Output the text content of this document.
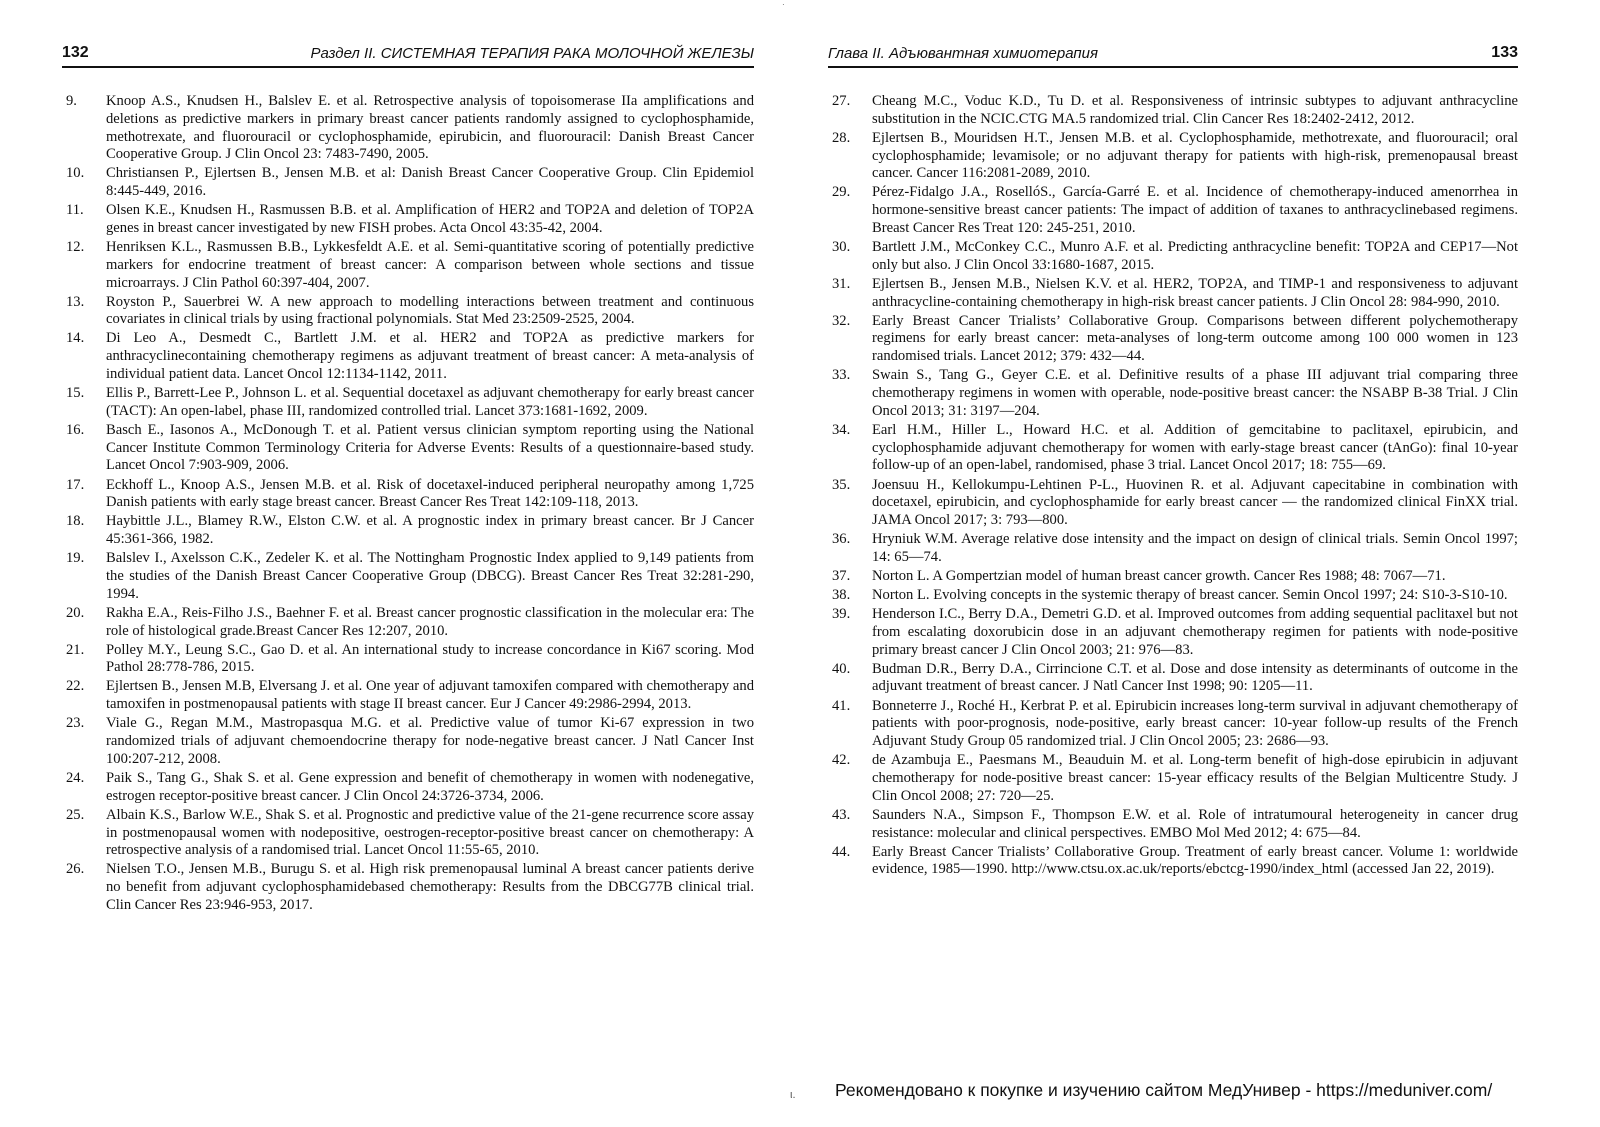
·
132	Раздел II. СИСТЕМНАЯ ТЕРАПИЯ РАКА МОЛОЧНОЙ ЖЕЛЕЗЫ
9.	Knoop A.S., Knudsen H., Balslev E. et al. Retrospective analysis of topoisomerase IIa amplifications and deletions as predictive markers in primary breast cancer patients randomly assigned to cyclophosphamide, methotrexate, and fluorouracil or cyclophosphamide, epirubicin, and fluorouracil: Danish Breast Cancer Cooperative Group. J Clin Oncol 23: 7483-7490, 2005.
10.	Christiansen P., Ejlertsen B., Jensen M.B. et al: Danish Breast Cancer Cooperative Group. Clin Epidemiol 8:445-449, 2016.
11.	Olsen K.E., Knudsen H., Rasmussen B.B. et al. Amplification of HER2 and TOP2A and deletion of TOP2A genes in breast cancer investigated by new FISH probes. Acta Oncol 43:35-42, 2004.
12.	Henriksen K.L., Rasmussen B.B., Lykkesfeldt A.E. et al. Semi-quantitative scoring of potentially predictive markers for endocrine treatment of breast cancer: A comparison between whole sections and tissue microarrays. J Clin Pathol 60:397-404, 2007.
13.	Royston P., Sauerbrei W. A new approach to modelling interactions between treatment and continuous covariates in clinical trials by using fractional polynomials. Stat Med 23:2509-2525, 2004.
14.	Di Leo A., Desmedt C., Bartlett J.M. et al. HER2 and TOP2A as predictive markers for anthracyclinecontaining chemotherapy regimens as adjuvant treatment of breast cancer: A meta-analysis of individual patient data. Lancet Oncol 12:1134-1142, 2011.
15.	Ellis P., Barrett-Lee P., Johnson L. et al. Sequential docetaxel as adjuvant chemotherapy for early breast cancer (TACT): An open-label, phase III, randomized controlled trial. Lancet 373:1681-1692, 2009.
16.	Basch E., Iasonos A., McDonough T. et al. Patient versus clinician symptom reporting using the National Cancer Institute Common Terminology Criteria for Adverse Events: Results of a questionnaire-based study. Lancet Oncol 7:903-909, 2006.
17.	Eckhoff L., Knoop A.S., Jensen M.B. et al. Risk of docetaxel-induced peripheral neuropathy among 1,725 Danish patients with early stage breast cancer. Breast Cancer Res Treat 142:109-118, 2013.
18.	Haybittle J.L., Blamey R.W., Elston C.W. et al. A prognostic index in primary breast cancer. Br J Cancer 45:361-366, 1982.
19.	Balslev I., Axelsson C.K., Zedeler K. et al. The Nottingham Prognostic Index applied to 9,149 patients from the studies of the Danish Breast Cancer Cooperative Group (DBCG). Breast Cancer Res Treat 32:281-290, 1994.
20.	Rakha E.A., Reis-Filho J.S., Baehner F. et al. Breast cancer prognostic classification in the molecular era: The role of histological grade.Breast Cancer Res 12:207, 2010.
21.	Polley M.Y., Leung S.C., Gao D. et al. An international study to increase concordance in Ki67 scoring. Mod Pathol 28:778-786, 2015.
22.	Ejlertsen B., Jensen M.B, Elversang J. et al. One year of adjuvant tamoxifen compared with chemotherapy and tamoxifen in postmenopausal patients with stage II breast cancer. Eur J Cancer 49:2986-2994, 2013.
23.	Viale G., Regan M.M., Mastropasqua M.G. et al. Predictive value of tumor Ki-67 expression in two randomized trials of adjuvant chemoendocrine therapy for node-negative breast cancer. J Natl Cancer Inst 100:207-212, 2008.
24.	Paik S., Tang G., Shak S. et al. Gene expression and benefit of chemotherapy in women with nodenegative, estrogen receptor-positive breast cancer. J Clin Oncol 24:3726-3734, 2006.
25.	Albain K.S., Barlow W.E., Shak S. et al. Prognostic and predictive value of the 21-gene recurrence score assay in postmenopausal women with nodepositive, oestrogen-receptor-positive breast cancer on chemotherapy: A retrospective analysis of a randomised trial. Lancet Oncol 11:55-65, 2010.
26.	Nielsen T.O., Jensen M.B., Burugu S. et al. High risk premenopausal luminal A breast cancer patients derive no benefit from adjuvant cyclophosphamidebased chemotherapy: Results from the DBCG77B clinical trial. Clin Cancer Res 23:946-953, 2017.
Глава II. Адъювантная химиотерапия	133
27.	Cheang M.C., Voduc K.D., Tu D. et al. Responsiveness of intrinsic subtypes to adjuvant anthracycline substitution in the NCIC.CTG MA.5 randomized trial. Clin Cancer Res 18:2402-2412, 2012.
28.	Ejlertsen B., Mouridsen H.T., Jensen M.B. et al. Cyclophosphamide, methotrexate, and fluorouracil; oral cyclophosphamide; levamisole; or no adjuvant therapy for patients with high-risk, premenopausal breast cancer. Cancer 116:2081-2089, 2010.
29.	Pérez-Fidalgo J.A., RosellóS., Garсía-Garré E. et al. Incidence of chemotherapy-induced amenorrhea in hormone-sensitive breast cancer patients: The impact of addition of taxanes to anthracyclinebased regimens. Breast Cancer Res Treat 120: 245-251, 2010.
30.	Bartlett J.M., McConkey C.C., Munro A.F. et al. Predicting anthracycline benefit: TOP2A and CEP17—Not only but also. J Clin Oncol 33:1680-1687, 2015.
31.	Ejlertsen B., Jensen M.B., Nielsen K.V. et al. HER2, TOP2A, and TIMP-1 and responsiveness to adjuvant anthracycline-containing chemotherapy in high-risk breast cancer patients. J Clin Oncol 28: 984-990, 2010.
32.	Early Breast Cancer Trialists’ Collaborative Group. Comparisons between different polychemotherapy regimens for early breast cancer: meta-analyses of long-term outcome among 100 000 women in 123 randomised trials. Lancet 2012; 379: 432—44.
33.	Swain S., Tang G., Geyer C.E. et al. Definitive results of a phase III adjuvant trial comparing three chemotherapy regimens in women with operable, node-positive breast cancer: the NSABP B-38 Trial. J Clin Oncol 2013; 31: 3197—204.
34.	Earl H.M., Hiller L., Howard H.C. et al. Addition of gemcitabine to paclitaxel, epirubicin, and cyclophosphamide adjuvant chemotherapy for women with early-stage breast cancer (tAnGo): final 10-year follow-up of an open-label, randomised, phase 3 trial. Lancet Oncol 2017; 18: 755—69.
35.	Joensuu H., Kellokumpu-Lehtinen P-L., Huovinen R. et al. Adjuvant capecitabine in combination with docetaxel, epirubicin, and cyclophosphamide for early breast cancer — the randomized clinical FinXX trial. JAMA Oncol 2017; 3: 793—800.
36.	Hryniuk W.M. Average relative dose intensity and the impact on design of clinical trials. Semin Oncol 1997; 14: 65—74.
37.	Norton L. A Gompertzian model of human breast cancer growth. Cancer Res 1988; 48: 7067—71.
38.	Norton L. Evolving concepts in the systemic therapy of breast cancer. Semin Oncol 1997; 24: S10-3-S10-10.
39.	Henderson I.C., Berry D.A., Demetri G.D. et al. Improved outcomes from adding sequential paclitaxel but not from escalating doxorubicin dose in an adjuvant chemotherapy regimen for patients with node-positive primary breast cancer J Clin Oncol 2003; 21: 976—83.
40.	Budman D.R., Berry D.A., Cirrincione C.T. et al. Dose and dose intensity as determinants of outcome in the adjuvant treatment of breast cancer. J Natl Cancer Inst 1998; 90: 1205—11.
41.	Bonneterre J., Roché H., Kerbrat P. et al. Epirubicin increases long-term survival in adjuvant chemotherapy of patients with poor-prognosis, node-positive, early breast cancer: 10-year follow-up results of the French Adjuvant Study Group 05 randomized trial. J Clin Oncol 2005; 23: 2686—93.
42.	de Azambuja E., Paesmans M., Beauduin M. et al. Long-term benefit of high-dose epirubicin in adjuvant chemotherapy for node-positive breast cancer: 15-year efficacy results of the Belgian Multicentre Study. J Clin Oncol 2008; 27: 720—25.
43.	Saunders N.A., Simpson F., Thompson E.W. et al. Role of intratumoural heterogeneity in cancer drug resistance: molecular and clinical perspectives. EMBO Mol Med 2012; 4: 675—84.
44.	Early Breast Cancer Trialists’ Collaborative Group. Treatment of early breast cancer. Volume 1: worldwide evidence, 1985—1990. http://www.ctsu.ox.ac.uk/reports/ebctcg-1990/index_html (accessed Jan 22, 2019).
ι. Рекомендовано к покупке и изучению сайтом МедУнивер - https://meduniver.com/
